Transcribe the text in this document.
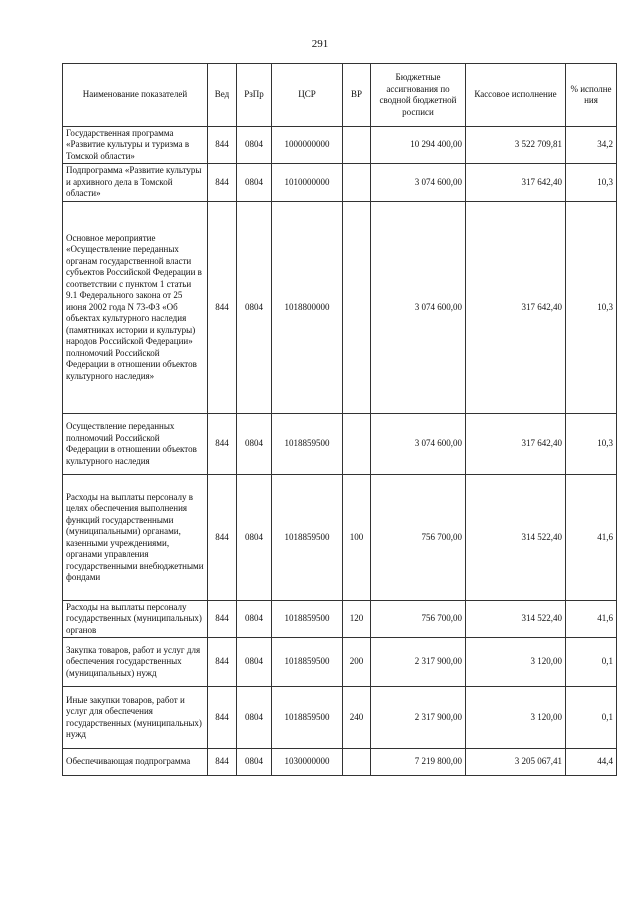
291
Наименование показателей	Вед	РзПр	ЦСР	ВР	Бюджетные ассигнования по сводной бюджетной росписи	Кассовое исполнение	% исполне ния
Государственная программа «Развитие культуры и туризма в Томской области»	844	0804	1000000000		10 294 400,00	3 522 709,81	34,2
Подпрограмма «Развитие культуры и архивного дела в Томской области»	844	0804	1010000000		3 074 600,00	317 642,40	10,3
Основное мероприятие «Осуществление переданных органам государственной власти субъектов Российской Федерации в соответствии с пунктом 1 статьи 9.1 Федерального закона от 25 июня 2002 года N 73-ФЗ «Об объектах культурного наследия (памятниках истории и культуры) народов Российской Федерации» полномочий Российской Федерации в отношении объектов культурного наследия»	844	0804	1018800000		3 074 600,00	317 642,40	10,3
Осуществление переданных полномочий Российской Федерации в отношении объектов культурного наследия	844	0804	1018859500		3 074 600,00	317 642,40	10,3
Расходы на выплаты персоналу в целях обеспечения выполнения функций государственными (муниципальными) органами, казенными учреждениями, органами управления государственными внебюджетными фондами	844	0804	1018859500	100	756 700,00	314 522,40	41,6
Расходы на выплаты персоналу государственных (муниципальных) органов	844	0804	1018859500	120	756 700,00	314 522,40	41,6
Закупка товаров, работ и услуг для обеспечения государственных (муниципальных) нужд	844	0804	1018859500	200	2 317 900,00	3 120,00	0,1
Иные закупки товаров, работ и услуг для обеспечения государственных (муниципальных) нужд	844	0804	1018859500	240	2 317 900,00	3 120,00	0,1
Обеспечивающая подпрограмма	844	0804	1030000000		7 219 800,00	3 205 067,41	44,4
